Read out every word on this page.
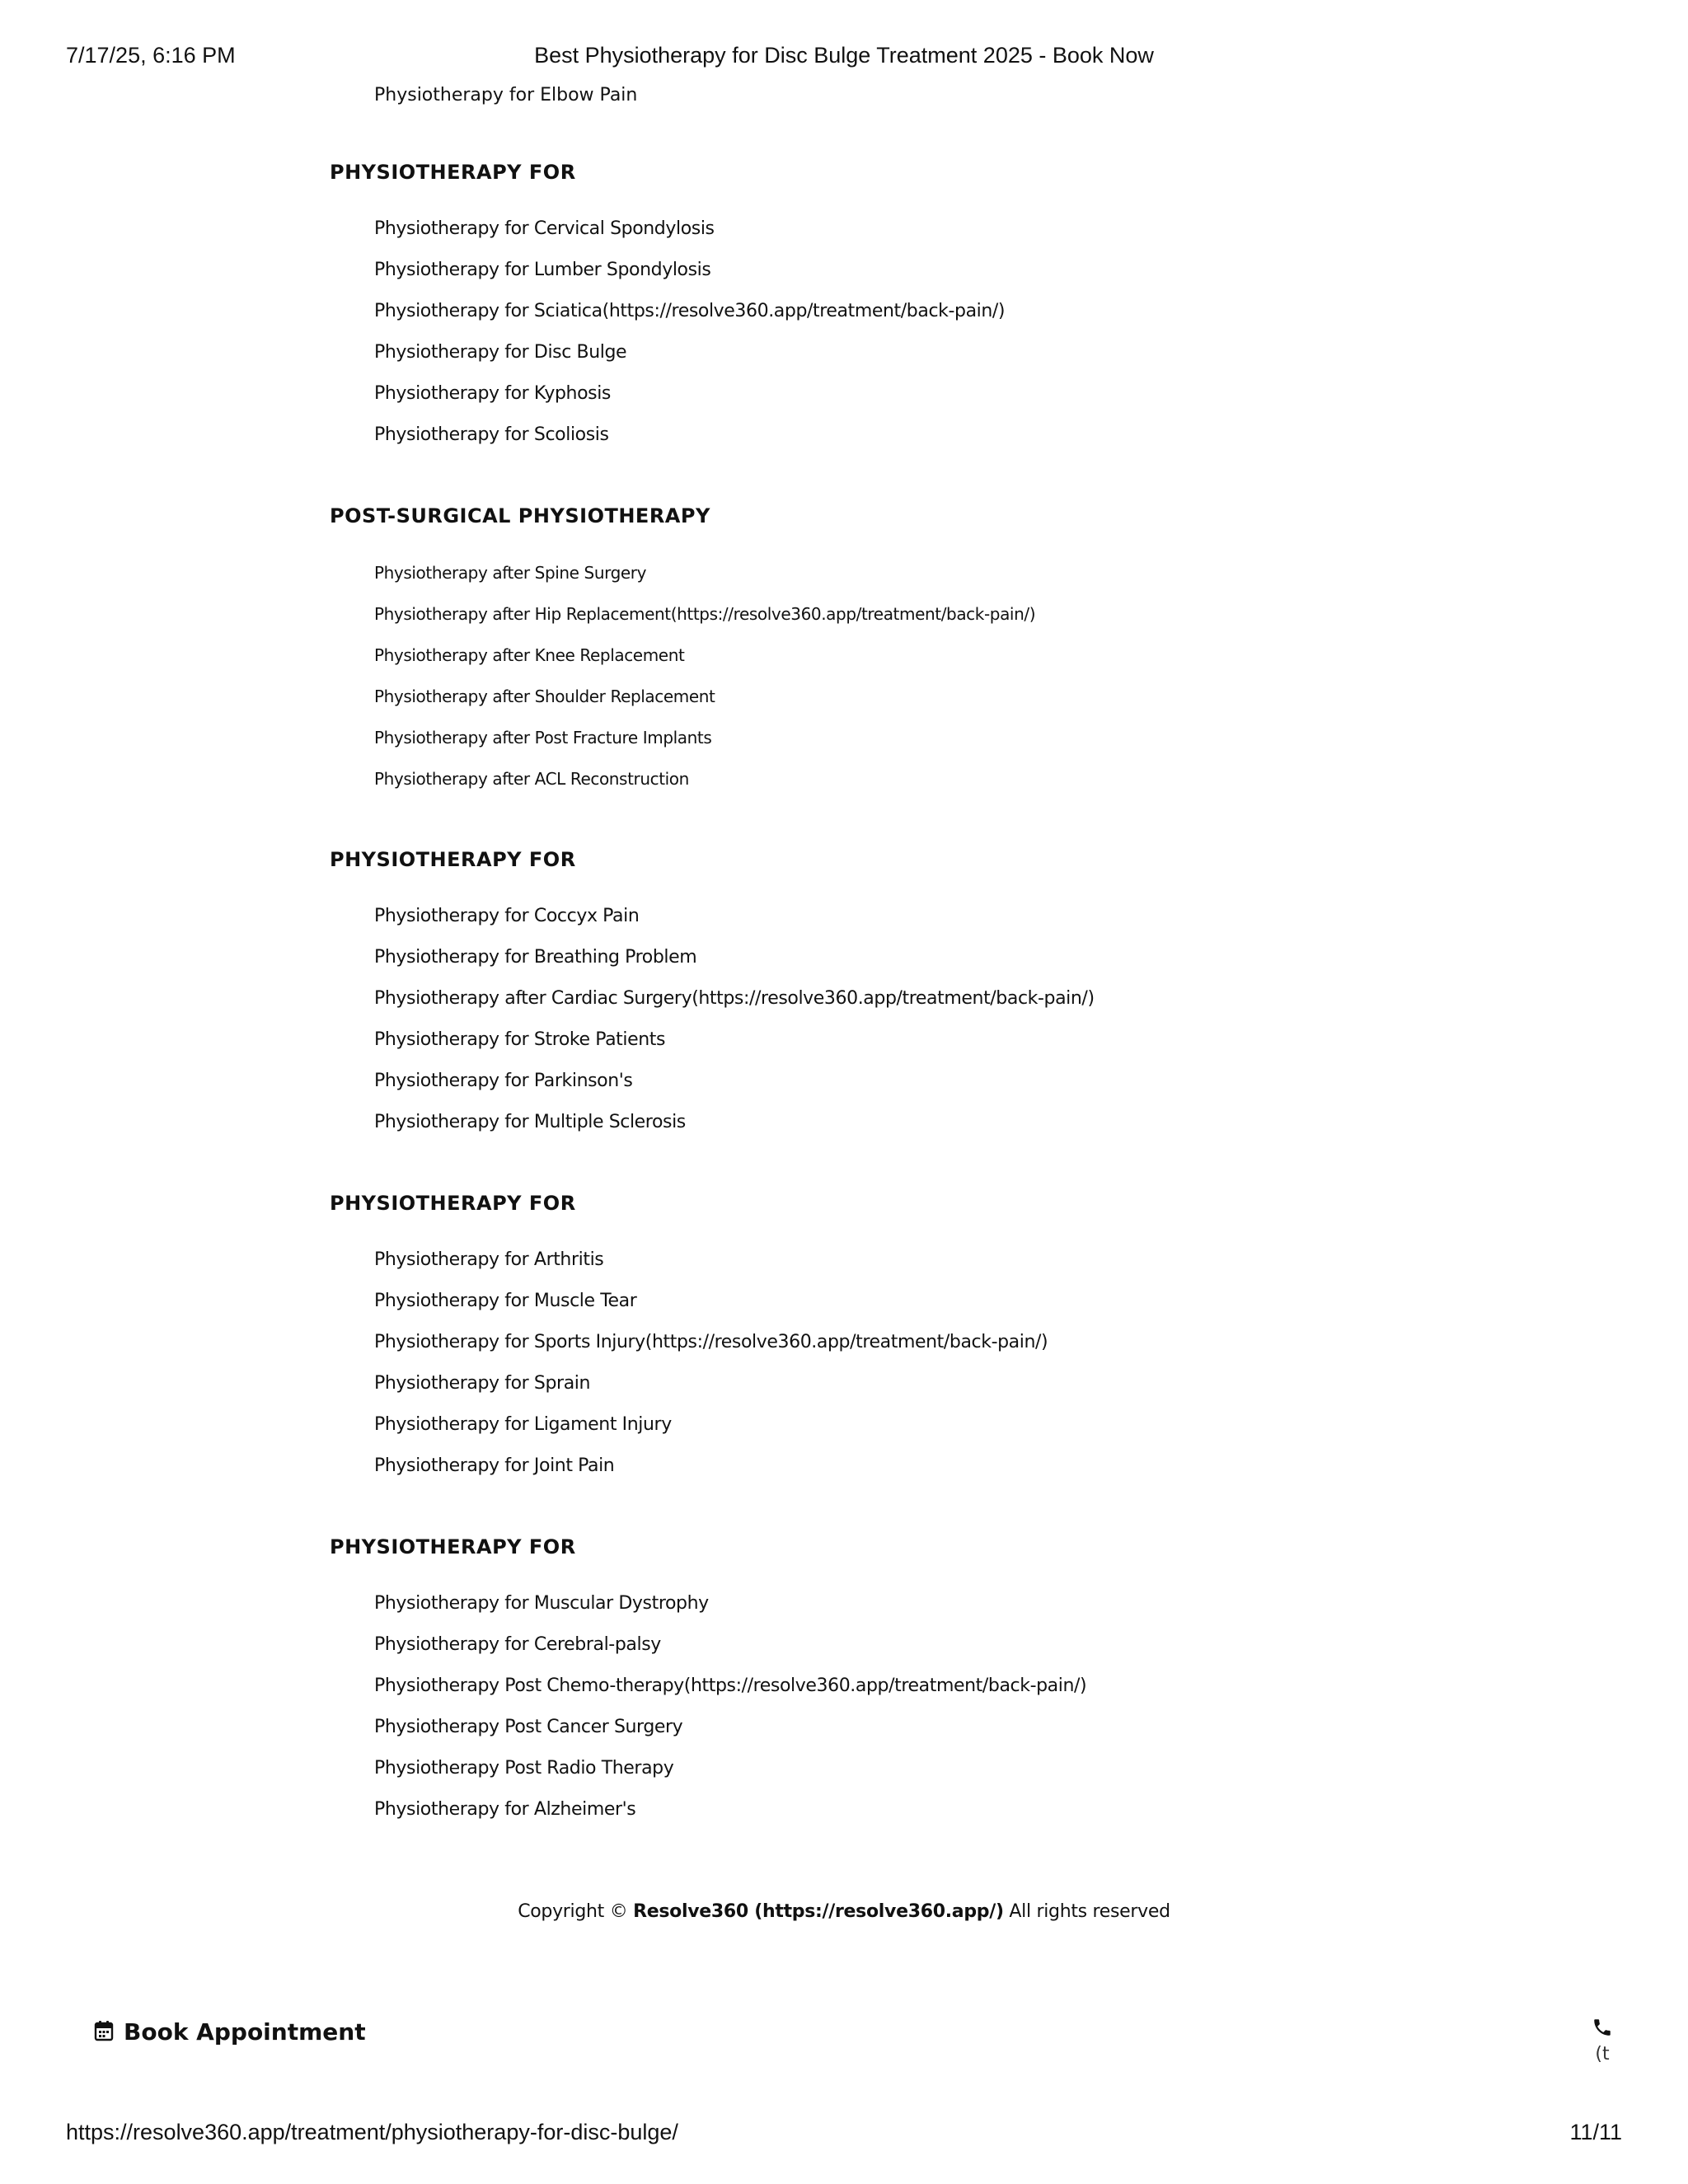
7/17/25, 6:16 PM	Best Physiotherapy for Disc Bulge Treatment 2025 - Book Now
Physiotherapy for Elbow Pain
PHYSIOTHERAPY FOR
Physiotherapy for Cervical Spondylosis
Physiotherapy for Lumber Spondylosis
Physiotherapy for Sciatica(https://resolve360.app/treatment/back-pain/)
Physiotherapy for Disc Bulge
Physiotherapy for Kyphosis
Physiotherapy for Scoliosis
POST-SURGICAL PHYSIOTHERAPY
Physiotherapy after Spine Surgery
Physiotherapy after Hip Replacement(https://resolve360.app/treatment/back-pain/)
Physiotherapy after Knee Replacement
Physiotherapy after Shoulder Replacement
Physiotherapy after Post Fracture Implants
Physiotherapy after ACL Reconstruction
PHYSIOTHERAPY FOR
Physiotherapy for Coccyx Pain
Physiotherapy for Breathing Problem
Physiotherapy after Cardiac Surgery(https://resolve360.app/treatment/back-pain/)
Physiotherapy for Stroke Patients
Physiotherapy for Parkinson's
Physiotherapy for Multiple Sclerosis
PHYSIOTHERAPY FOR
Physiotherapy for Arthritis
Physiotherapy for Muscle Tear
Physiotherapy for Sports Injury(https://resolve360.app/treatment/back-pain/)
Physiotherapy for Sprain
Physiotherapy for Ligament Injury
Physiotherapy for Joint Pain
PHYSIOTHERAPY FOR
Physiotherapy for Muscular Dystrophy
Physiotherapy for Cerebral-palsy
Physiotherapy Post Chemo-therapy(https://resolve360.app/treatment/back-pain/)
Physiotherapy Post Cancer Surgery
Physiotherapy Post Radio Therapy
Physiotherapy for Alzheimer's
Copyright © Resolve360 (https://resolve360.app/) All rights reserved
Book Appointment
(t
https://resolve360.app/treatment/physiotherapy-for-disc-bulge/	11/11
